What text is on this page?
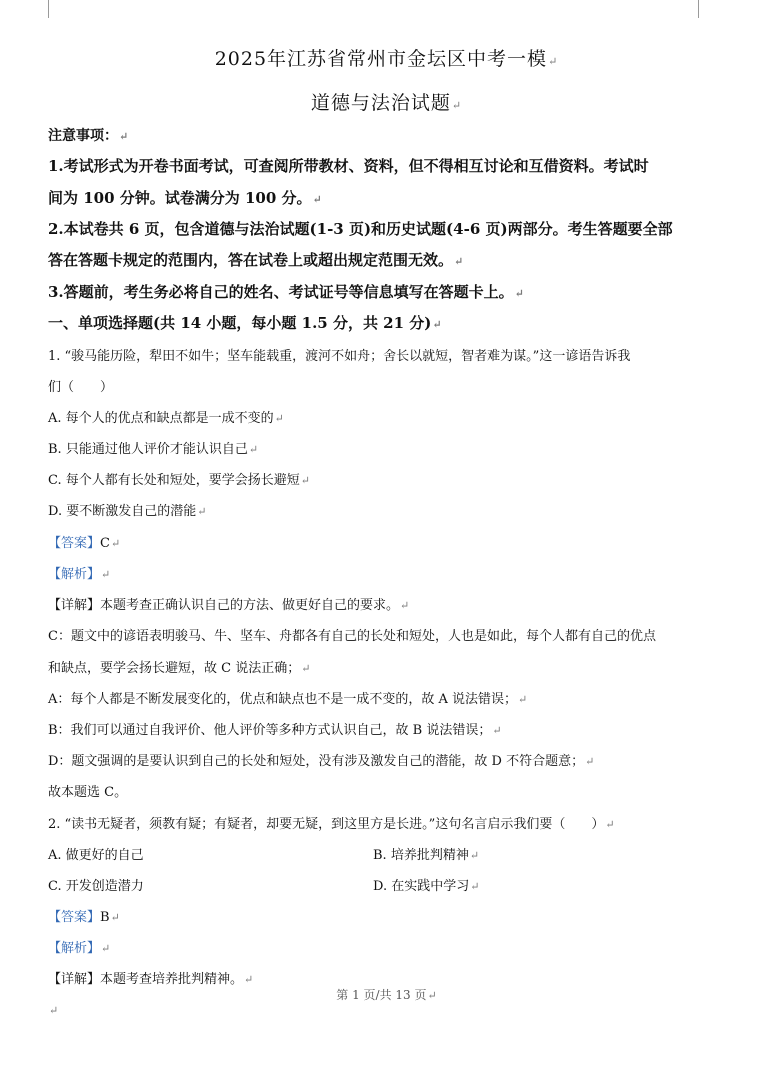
2025年江苏省常州市金坛区中考一模↵
道德与法治试题↵
注意事项：↵
1.考试形式为开卷书面考试，可查阅所带教材、资料，但不得相互讨论和互借资料。考试时
间为 100 分钟。试卷满分为 100 分。↵
2.本试卷共 6 页，包含道德与法治试题(1-3 页)和历史试题(4-6 页)两部分。考生答题要全部
答在答题卡规定的范围内，答在试卷上或超出规定范围无效。↵
3.答题前，考生务必将自己的姓名、考试证号等信息填写在答题卡上。↵
一、单项选择题(共 14 小题，每小题 1.5 分，共 21 分)↵
1. “骏马能历险，犁田不如牛；坚车能载重，渡河不如舟；舍长以就短，智者难为谋。”这一谚语告诉我
们（　　）
A. 每个人的优点和缺点都是一成不变的↵
B. 只能通过他人评价才能认识自己↵
C. 每个人都有长处和短处，要学会扬长避短↵
D. 要不断激发自己的潜能↵
【答案】C↵
【解析】↵
【详解】本题考查正确认识自己的方法、做更好自己的要求。↵
C：题文中的谚语表明骏马、牛、坚车、舟都各有自己的长处和短处，人也是如此，每个人都有自己的优点
和缺点，要学会扬长避短，故 C 说法正确；↵
A：每个人都是不断发展变化的，优点和缺点也不是一成不变的，故 A 说法错误；↵
B：我们可以通过自我评价、他人评价等多种方式认识自己，故 B 说法错误；↵
D：题文强调的是要认识到自己的长处和短处，没有涉及激发自己的潜能，故 D 不符合题意；↵
故本题选 C。
2. “读书无疑者，须教有疑；有疑者，却要无疑，到这里方是长进。”这句名言启示我们要（　　）↵
A. 做更好的自己	B. 培养批判精神↵
C. 开发创造潜力	D. 在实践中学习↵
【答案】B↵
【解析】↵
【详解】本题考查培养批判精神。↵
第 1 页/共 13 页↵
↵
